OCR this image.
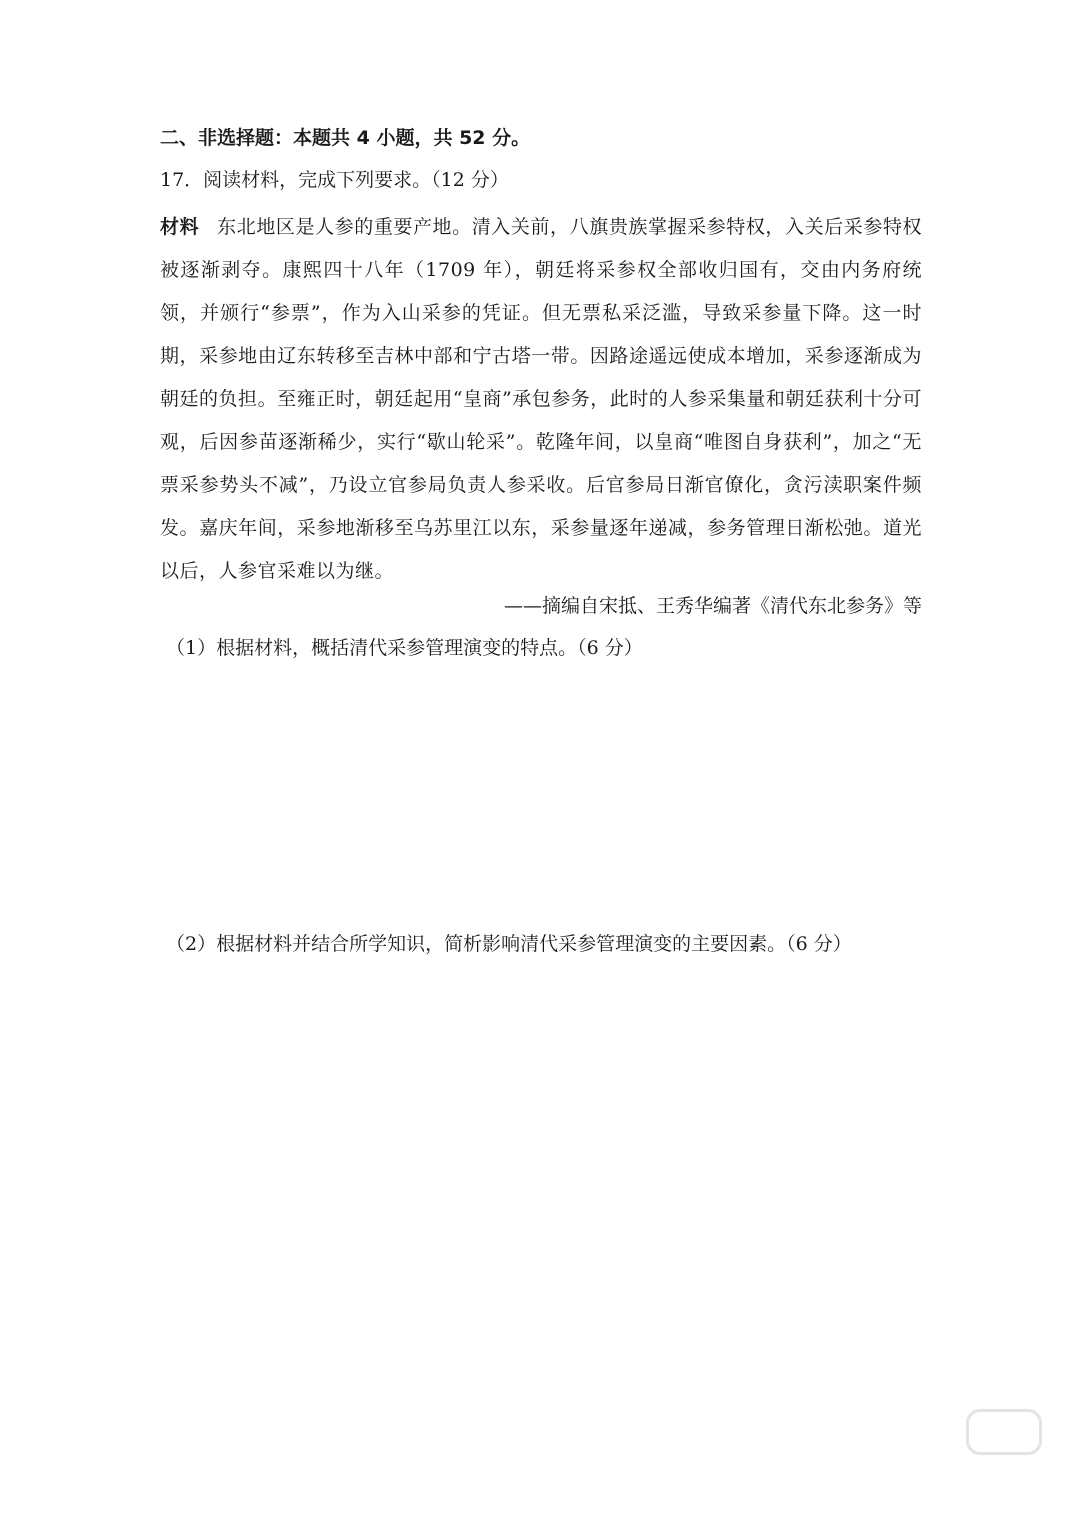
二、非选择题：本题共 4 小题，共 52 分。
17．阅读材料，完成下列要求。（12 分）
材料 东北地区是人参的重要产地。清入关前，八旗贵族掌握采参特权，入关后采参特权被逐渐剥夺。康熙四十八年（1709 年），朝廷将采参权全部收归国有，交由内务府统领，并颁行“参票”，作为入山采参的凭证。但无票私采泛滥，导致采参量下降。这一时期，采参地由辽东转移至吉林中部和宁古塔一带。因路途遥远使成本增加，采参逐渐成为朝廷的负担。至雍正时，朝廷起用“皇商”承包参务，此时的人参采集量和朝廷获利十分可观，后因参苗逐渐稀少，实行“歇山轮采”。乾隆年间，以皇商“唯图自身获利”，加之“无票采参势头不减”，乃设立官参局负责人参采收。后官参局日渐官僚化，贪污渎职案件频发。嘉庆年间，采参地渐移至乌苏里江以东，采参量逐年递减，参务管理日渐松弛。道光以后，人参官采难以为继。
——摘编自宋抵、王秀华编著《清代东北参务》等
（1）根据材料，概括清代采参管理演变的特点。（6 分）
（2）根据材料并结合所学知识，简析影响清代采参管理演变的主要因素。（6 分）
